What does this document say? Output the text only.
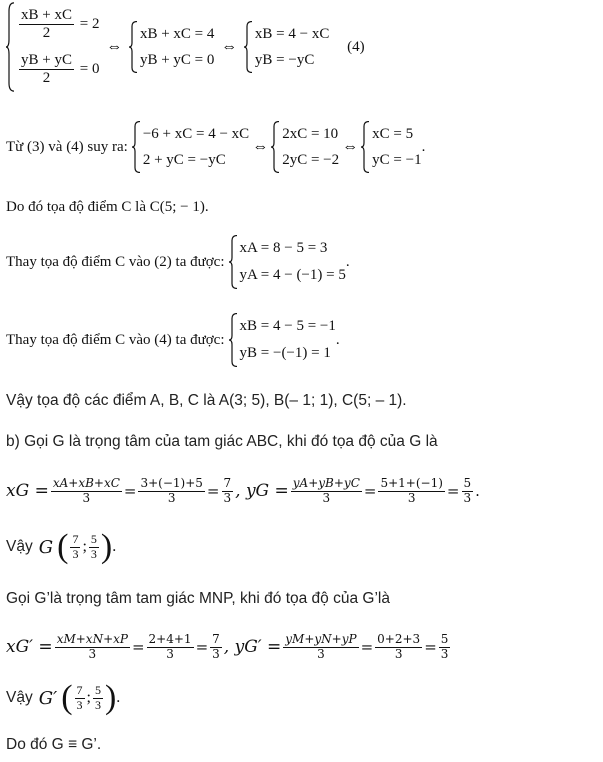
$\frac{xB + xC}{2} = 2$
$\frac{yB + yC}{2} = 0$
⇔
xB + xC = 4
yB + yC = 0
⇔
xB = 4 − xC
yB = −yC
(4)
Từ (3) và (4) suy ra:
−6 + xC = 4 − xC
2 + yC = −yC
⇔
2xC = 10
2yC = −2
⇔
xC = 5
yC = −1
.
Do đó tọa độ điểm C là C(5; − 1).
Thay tọa độ điểm C vào (2) ta được:
xA = 8 − 5 = 3
yA = 4 − (−1) = 5
.
Thay tọa độ điểm C vào (4) ta được:
xB = 4 − 5 = −1
yB = −(−1) = 1
.
Vậy tọa độ các điểm A, B, C là A(3; 5), B(– 1; 1), C(5; – 1).
b) Gọi G là trọng tâm của tam giác ABC, khi đó tọa độ của G là
xG = $\frac{xA+xB+xC}{3} = \frac{3+(-1)+5}{3} = \frac{7}{3}$ , yG = $\frac{yA+yB+yC}{3} = \frac{5+1+(-1)}{3} = \frac{5}{3}$ .
Vậy G ( $\frac{7}{3}$ ; $\frac{5}{3}$ ) .
Gọi G’là trọng tâm tam giác MNP, khi đó tọa độ của G’là
$xG' = \frac{xM+xN+xP}{3} = \frac{2+4+1}{3} = \frac{7}{3}$ , $yG' = \frac{yM+yN+yP}{3} = \frac{0+2+3}{3} = \frac{5}{3}$
Vậy G′ ( $\frac{7}{3}$ ; $\frac{5}{3}$ ) .
Do đó G ≡ G’.
